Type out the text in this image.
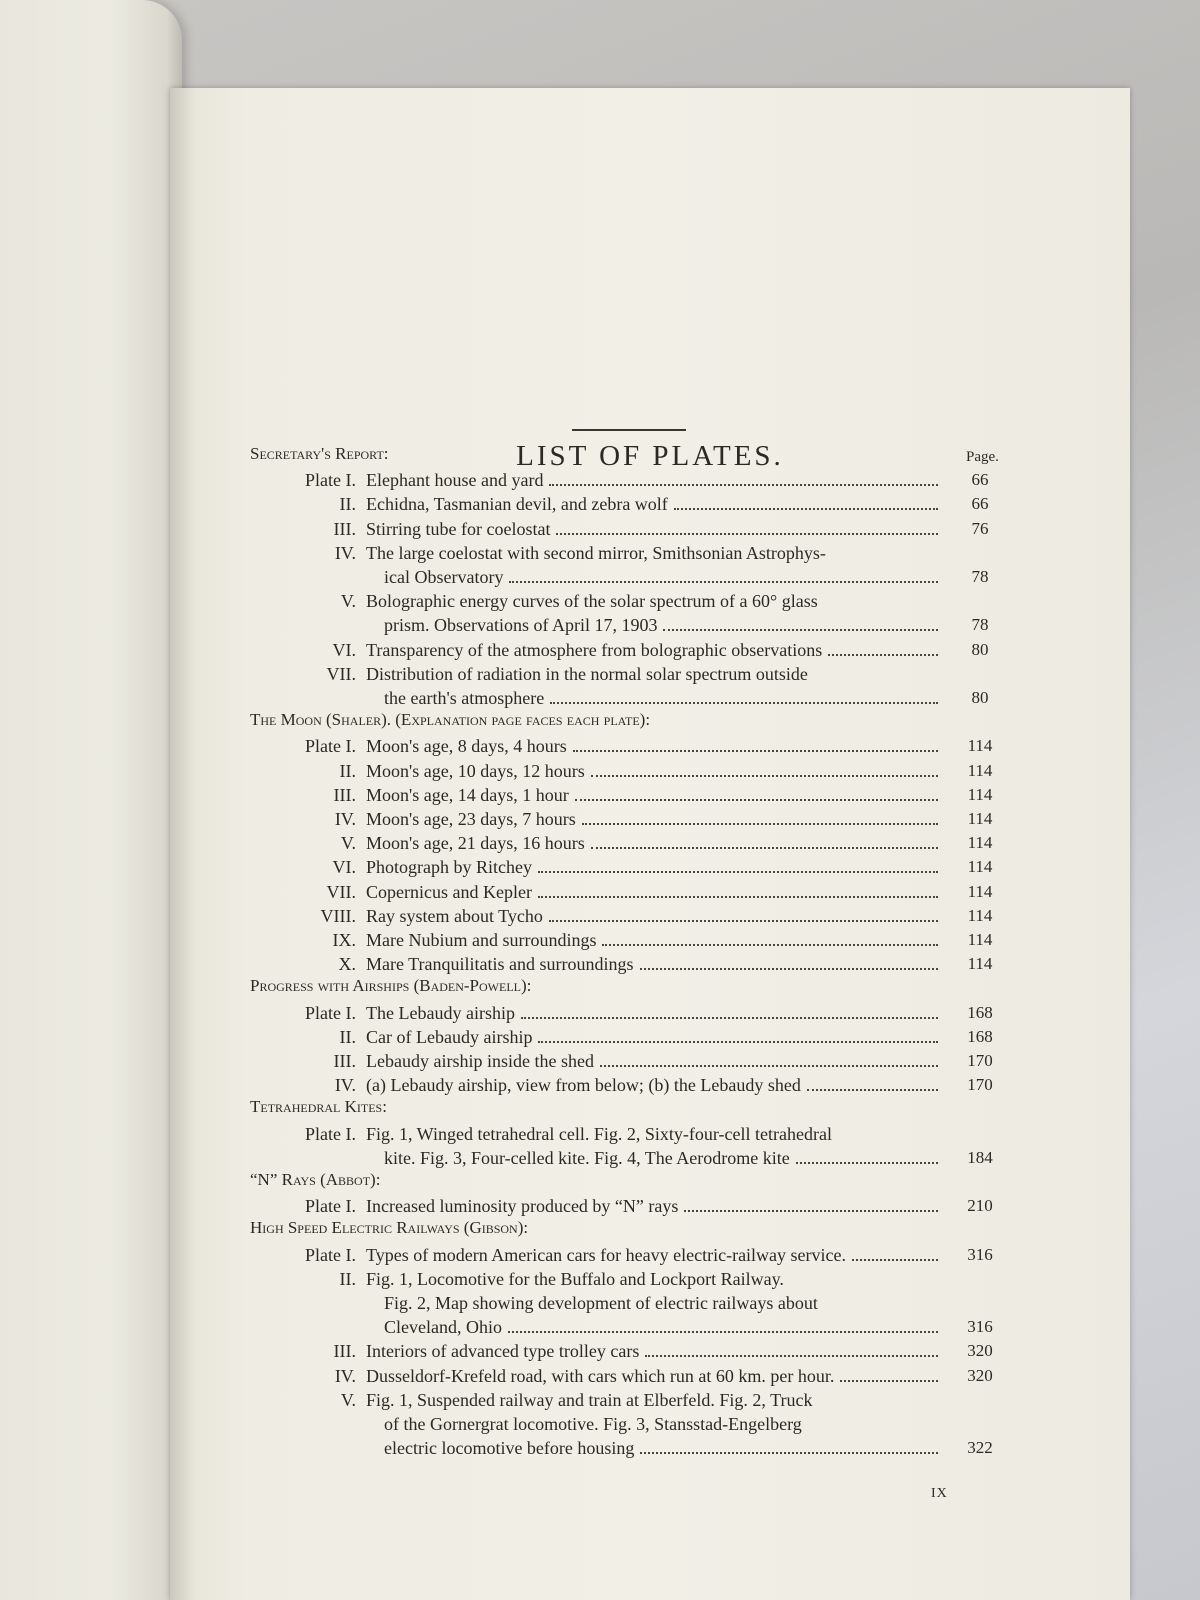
LIST OF PLATES.	Page.
Secretary's Report:
Plate I. Elephant house and yard	66
II. Echidna, Tasmanian devil, and zebra wolf	66
III. Stirring tube for coelostat	76
IV. The large coelostat with second mirror, Smithsonian Astrophys-
ical Observatory	78
V. Bolographic energy curves of the solar spectrum of a 60° glass
prism. Observations of April 17, 1903	78
VI. Transparency of the atmosphere from bolographic observations	80
VII. Distribution of radiation in the normal solar spectrum outside
the earth's atmosphere	80
The Moon (Shaler). (Explanation page faces each plate):
Plate I. Moon's age, 8 days, 4 hours	114
II. Moon's age, 10 days, 12 hours	114
III. Moon's age, 14 days, 1 hour	114
IV. Moon's age, 23 days, 7 hours	114
V. Moon's age, 21 days, 16 hours	114
VI. Photograph by Ritchey	114
VII. Copernicus and Kepler	114
VIII. Ray system about Tycho	114
IX. Mare Nubium and surroundings	114
X. Mare Tranquilitatis and surroundings	114
Progress with Airships (Baden-Powell):
Plate I. The Lebaudy airship	168
II. Car of Lebaudy airship	168
III. Lebaudy airship inside the shed	170
IV. (a) Lebaudy airship, view from below; (b) the Lebaudy shed	170
Tetrahedral Kites:
Plate I. Fig. 1, Winged tetrahedral cell. Fig. 2, Sixty-four-cell tetrahedral
kite. Fig. 3, Four-celled kite. Fig. 4, The Aerodrome kite	184
“N” Rays (Abbot):
Plate I. Increased luminosity produced by “N” rays	210
High Speed Electric Railways (Gibson):
Plate I. Types of modern American cars for heavy electric-railway service.	316
II. Fig. 1, Locomotive for the Buffalo and Lockport Railway.
Fig. 2, Map showing development of electric railways about
Cleveland, Ohio	316
III. Interiors of advanced type trolley cars	320
IV. Dusseldorf-Krefeld road, with cars which run at 60 km. per hour.	320
V. Fig. 1, Suspended railway and train at Elberfeld. Fig. 2, Truck
of the Gornergrat locomotive. Fig. 3, Stansstad-Engelberg
electric locomotive before housing	322
IX
